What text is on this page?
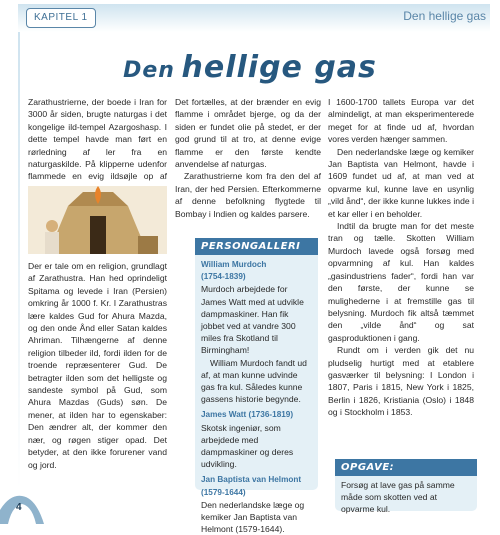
KAPITEL 1	Den hellige gas
Den hellige gas

Zarathustrierne, der boede i Iran for 3000 år siden, brugte naturgas i det kongelige ild-tempel Azargoshasp. I dette tempel havde man ført en rørledning af ler fra en naturgaskilde. På klipperne udenfor flammede en evig ildsøjle op af

Der er tale om en religion, grundlagt af Zarathustra. Han hed oprindeligt Spitama og levede i Iran (Persien) omkring år 1000 f. Kr. I Zarathustras lære kaldes Gud for Ahura Mazda, og den onde Ånd eller Satan kaldes Ahriman. Tilhængerne af denne religion tilbeder ild, fordi ilden for de troende repræsenterer Gud. De betragter ilden som det helligste og sandeste symbol på Gud, som Ahura Mazdas (Guds) søn. De mener, at ilden har to egenskaber: Den ændrer alt, der kommer den nær, og røgen stiger opad. Det betyder, at den ikke forurener vand og jord.

Det fortælles, at der brænder en evig flamme i området bjerge, og da der siden er fundet olie på stedet, er der god grund til at tro, at denne evige flamme er den første kendte anvendelse af naturgas.

Zarathustrierne kom fra den del af Iran, der hed Persien. Efterkommerne af denne befolkning flygtede til Bombay i Indien og kaldes parsere.

PERSONGALLERI

William Murdoch

(1754-1839)

Murdoch arbejdede for James Watt med at udvikle dampmaskiner. Han fik jobbet ved at vandre 300 miles fra Skotland til Birmingham!

William Murdoch fandt ud af, at man kunne udvinde gas fra kul. Således kunne gassens historie begynde.

James Watt (1736-1819)

Skotsk ingeniør, som arbejdede med dampmaskiner og deres udvikling.

Jan Baptista van Helmont (1579-1644)

Den nederlandske læge og kemiker Jan Baptista van Helmont (1579-1644).

I 1600-1700 tallets Europa var det almindeligt, at man eksperimenterede meget for at finde ud af, hvordan vores verden hænger sammen.

Den nederlandske læge og kemiker Jan Baptista van Helmont, havde i 1609 fundet ud af, at man ved at opvarme kul, kunne lave en usynlig „vild ånd“, der ikke kunne lukkes inde i et kar eller i en beholder.

Indtil da brugte man for det meste tran og tælle. Skotten William Murdoch lavede også forsøg med opvarmning af kul. Han kaldes „gasindustriens fader“, fordi han var den første, der kunne se mulighederne i at fremstille gas til belysning. Murdoch fik altså tæmmet den „vilde ånd“ og sat gasproduktionen i gang.

Rundt om i verden gik det nu pludselig hurtigt med at etablere gasværker til belysning: I London i 1807, Paris i 1815, New York i 1825, Berlin i 1826, Kristiania (Oslo) i 1848 og i Stockholm i 1853.

OPGAVE:
Forsøg at lave gas på samme måde som skotten ved at opvarme kul.
4
